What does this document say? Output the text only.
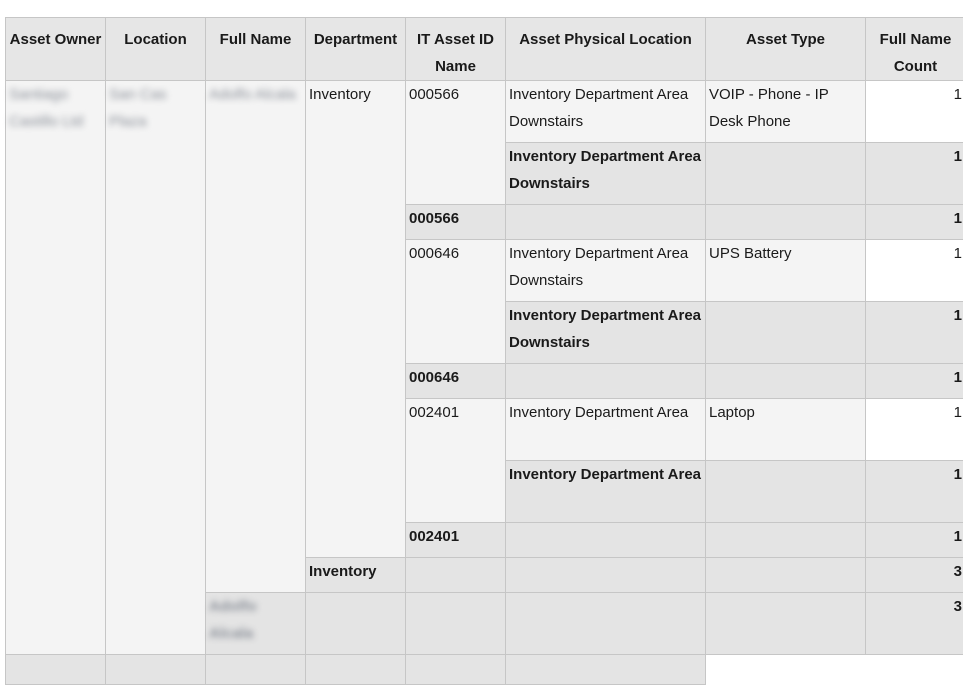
Asset Owner	Location	Full Name	Department	IT Asset ID Name	Asset Physical Location	Asset Type	Full Name Count
Santiago Castillo Ltd	San Cas Plaza	Adolfo Alcala	Inventory	000566	Inventory Department Area Downstairs	VOIP - Phone - IP Desk Phone	1
					Inventory Department Area Downstairs		1
				000566			1
				000646	Inventory Department Area Downstairs	UPS Battery	1
					Inventory Department Area Downstairs		1
				000646			1
				002401	Inventory Department Area	Laptop	1
					Inventory Department Area		1
				002401			1
			Inventory				3
		Adolfo Alcala					3
